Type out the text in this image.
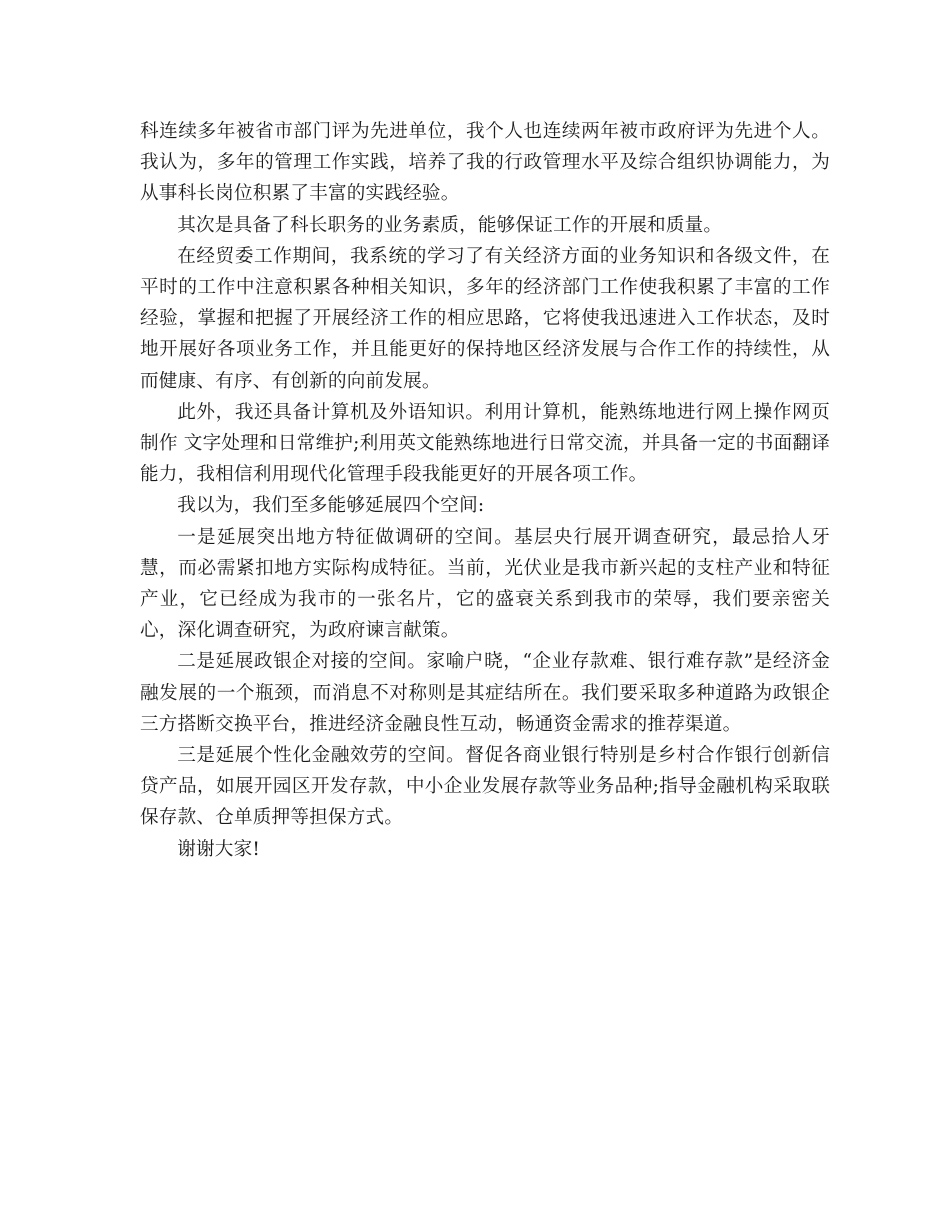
科连续多年被省市部门评为先进单位，我个人也连续两年被市政府评为先进个人。我认为，多年的管理工作实践，培养了我的行政管理水平及综合组织协调能力，为从事科长岗位积累了丰富的实践经验。

其次是具备了科长职务的业务素质，能够保证工作的开展和质量。

在经贸委工作期间，我系统的学习了有关经济方面的业务知识和各级文件，在平时的工作中注意积累各种相关知识，多年的经济部门工作使我积累了丰富的工作经验，掌握和把握了开展经济工作的相应思路，它将使我迅速进入工作状态，及时地开展好各项业务工作，并且能更好的保持地区经济发展与合作工作的持续性，从而健康、有序、有创新的向前发展。

此外，我还具备计算机及外语知识。利用计算机，能熟练地进行网上操作网页制作 文字处理和日常维护;利用英文能熟练地进行日常交流，并具备一定的书面翻译能力，我相信利用现代化管理手段我能更好的开展各项工作。

我以为，我们至多能够延展四个空间:

一是延展突出地方特征做调研的空间。基层央行展开调查研究，最忌拾人牙慧，而必需紧扣地方实际构成特征。当前，光伏业是我市新兴起的支柱产业和特征产业，它已经成为我市的一张名片，它的盛衰关系到我市的荣辱，我们要亲密关心，深化调查研究，为政府谏言献策。

二是延展政银企对接的空间。家喻户晓，“企业存款难、银行难存款”是经济金融发展的一个瓶颈，而消息不对称则是其症结所在。我们要采取多种道路为政银企三方搭断交换平台，推进经济金融良性互动，畅通资金需求的推荐渠道。

三是延展个性化金融效劳的空间。督促各商业银行特别是乡村合作银行创新信贷产品，如展开园区开发存款，中小企业发展存款等业务品种;指导金融机构采取联保存款、仓单质押等担保方式。

谢谢大家!
